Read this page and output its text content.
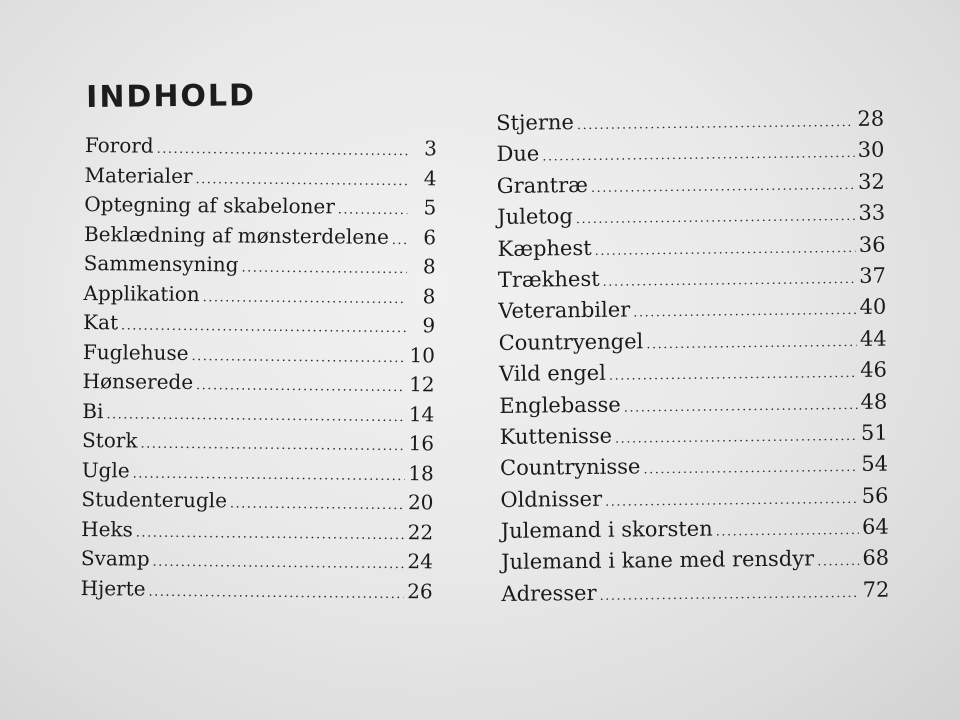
INDHOLD
Forord .....	3
Materialer .....	4
Optegning af skabeloner .....	5
Beklædning af mønsterdelene .....	6
Sammensyning .....	8
Applikation .....	8
Kat .....	9
Fuglehuse .....	10
Hønserede .....	12
Bi .....	14
Stork .....	16
Ugle .....	18
Studenterugle .....	20
Heks .....	22
Svamp .....	24
Hjerte .....	26
Stjerne .....	28
Due .....	30
Grantræ .....	32
Juletog .....	33
Kæphest .....	36
Trækhest .....	37
Veteranbiler .....	40
Countryengel .....	44
Vild engel .....	46
Englebasse .....	48
Kuttenisse .....	51
Countrynisse .....	54
Oldnisser .....	56
Julemand i skorsten .....	64
Julemand i kane med rensdyr ..... 68
Adresser .....	72
